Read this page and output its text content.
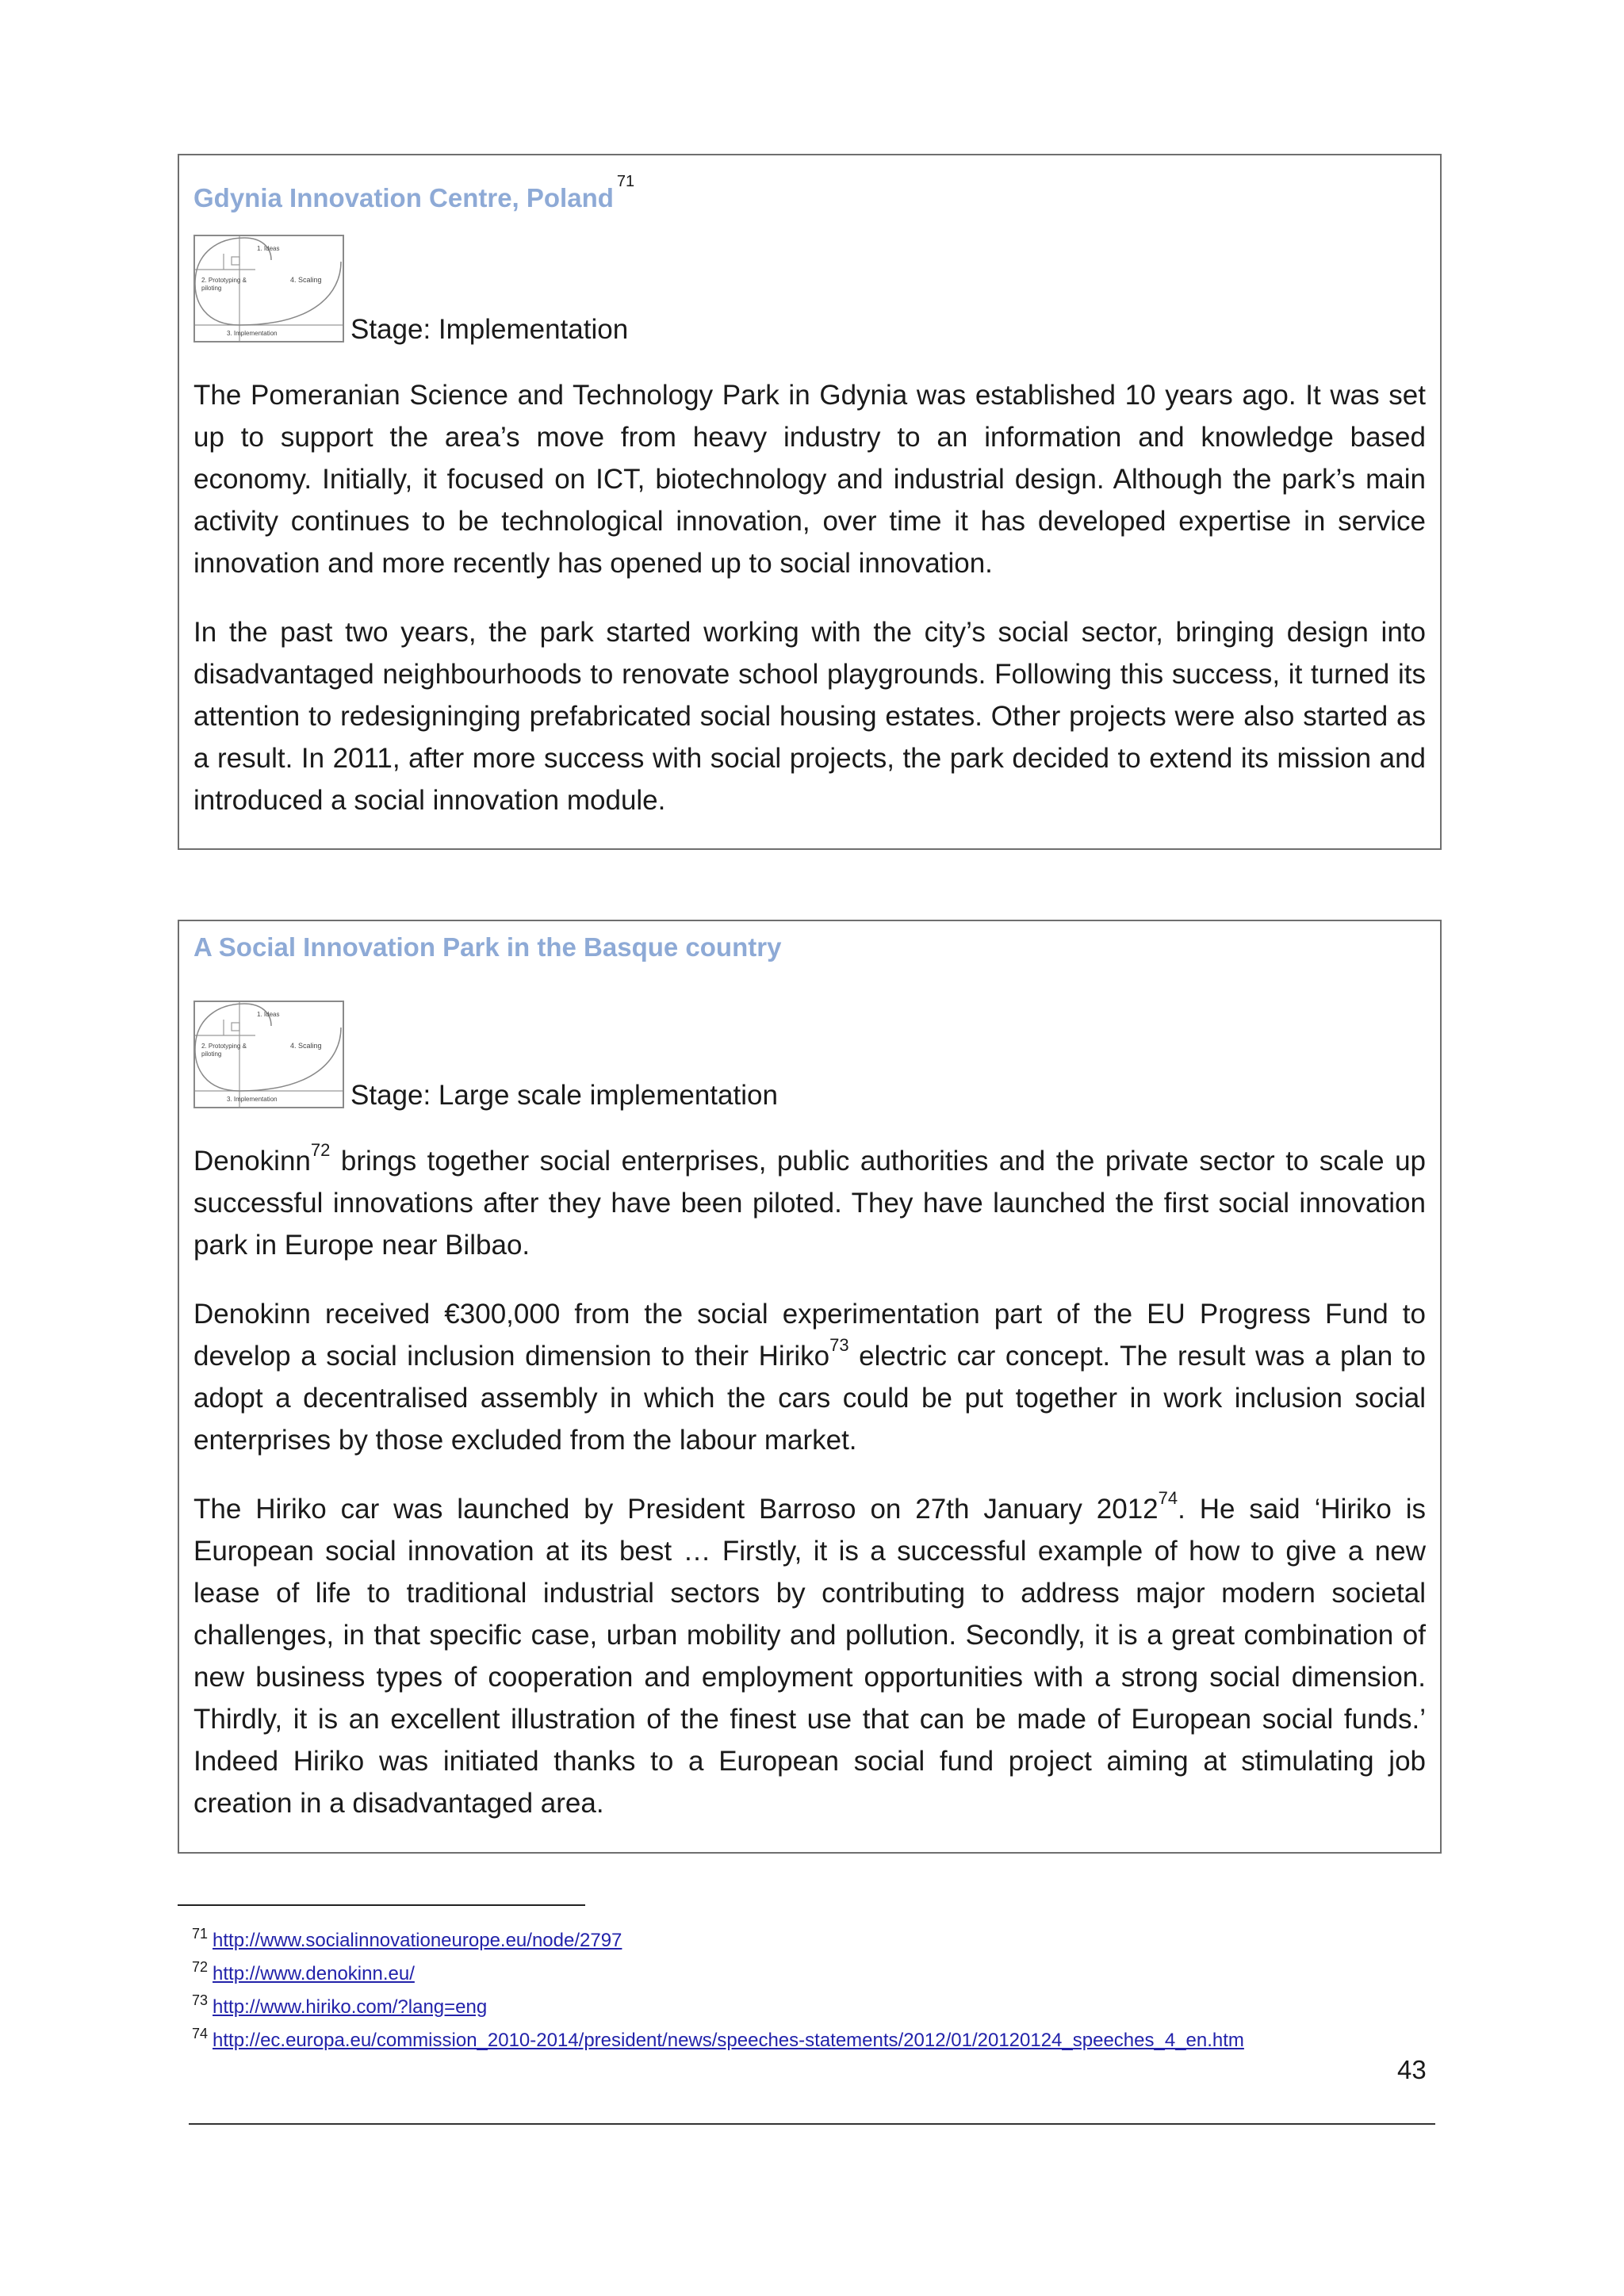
Gdynia Innovation Centre, Poland$^{71}$
1. Ideas
2. Prototyping &
piloting
4. Scaling
3. Implementation	Stage: Implementation

The Pomeranian Science and Technology Park in Gdynia was established 10 years ago. It was set up to support the area’s move from heavy industry to an information and knowledge based economy. Initially, it focused on ICT, biotechnology and industrial design. Although the park’s main activity continues to be technological innovation, over time it has developed expertise in service innovation and more recently has opened up to social innovation.

In the past two years, the park started working with the city’s social sector, bringing design into disadvantaged neighbourhoods to renovate school playgrounds. Following this success, it turned its attention to redesigninging prefabricated social housing estates. Other projects were also started as a result. In 2011, after more success with social projects, the park decided to extend its mission and introduced a social innovation module.

A Social Innovation Park in the Basque country
1. Ideas
2. Prototyping &
piloting
4. Scaling
3. Implementation	Stage: Large scale implementation

Denokinn$^{72}$ brings together social enterprises, public authorities and the private sector to scale up successful innovations after they have been piloted. They have launched the first social innovation park in Europe near Bilbao.

Denokinn received €300,000 from the social experimentation part of the EU Progress Fund to develop a social inclusion dimension to their Hiriko$^{73}$ electric car concept. The result was a plan to adopt a decentralised assembly in which the cars could be put together in work inclusion social enterprises by those excluded from the labour market.

The Hiriko car was launched by President Barroso on 27th January 2012$^{74}$. He said ‘Hiriko is European social innovation at its best … Firstly, it is a successful example of how to give a new lease of life to traditional industrial sectors by contributing to address major modern societal challenges, in that specific case, urban mobility and pollution. Secondly, it is a great combination of new business types of cooperation and employment opportunities with a strong social dimension. Thirdly, it is an excellent illustration of the finest use that can be made of European social funds.’ Indeed Hiriko was initiated thanks to a European social fund project aiming at stimulating job creation in a disadvantaged area.

$^{71}$ http://www.socialinnovationeurope.eu/node/2797
$^{72}$ http://www.denokinn.eu/
$^{73}$ http://www.hiriko.com/?lang=eng
$^{74}$ http://ec.europa.eu/commission_2010-2014/president/news/speeches-statements/2012/01/20120124_speeches_4_en.htm
43
